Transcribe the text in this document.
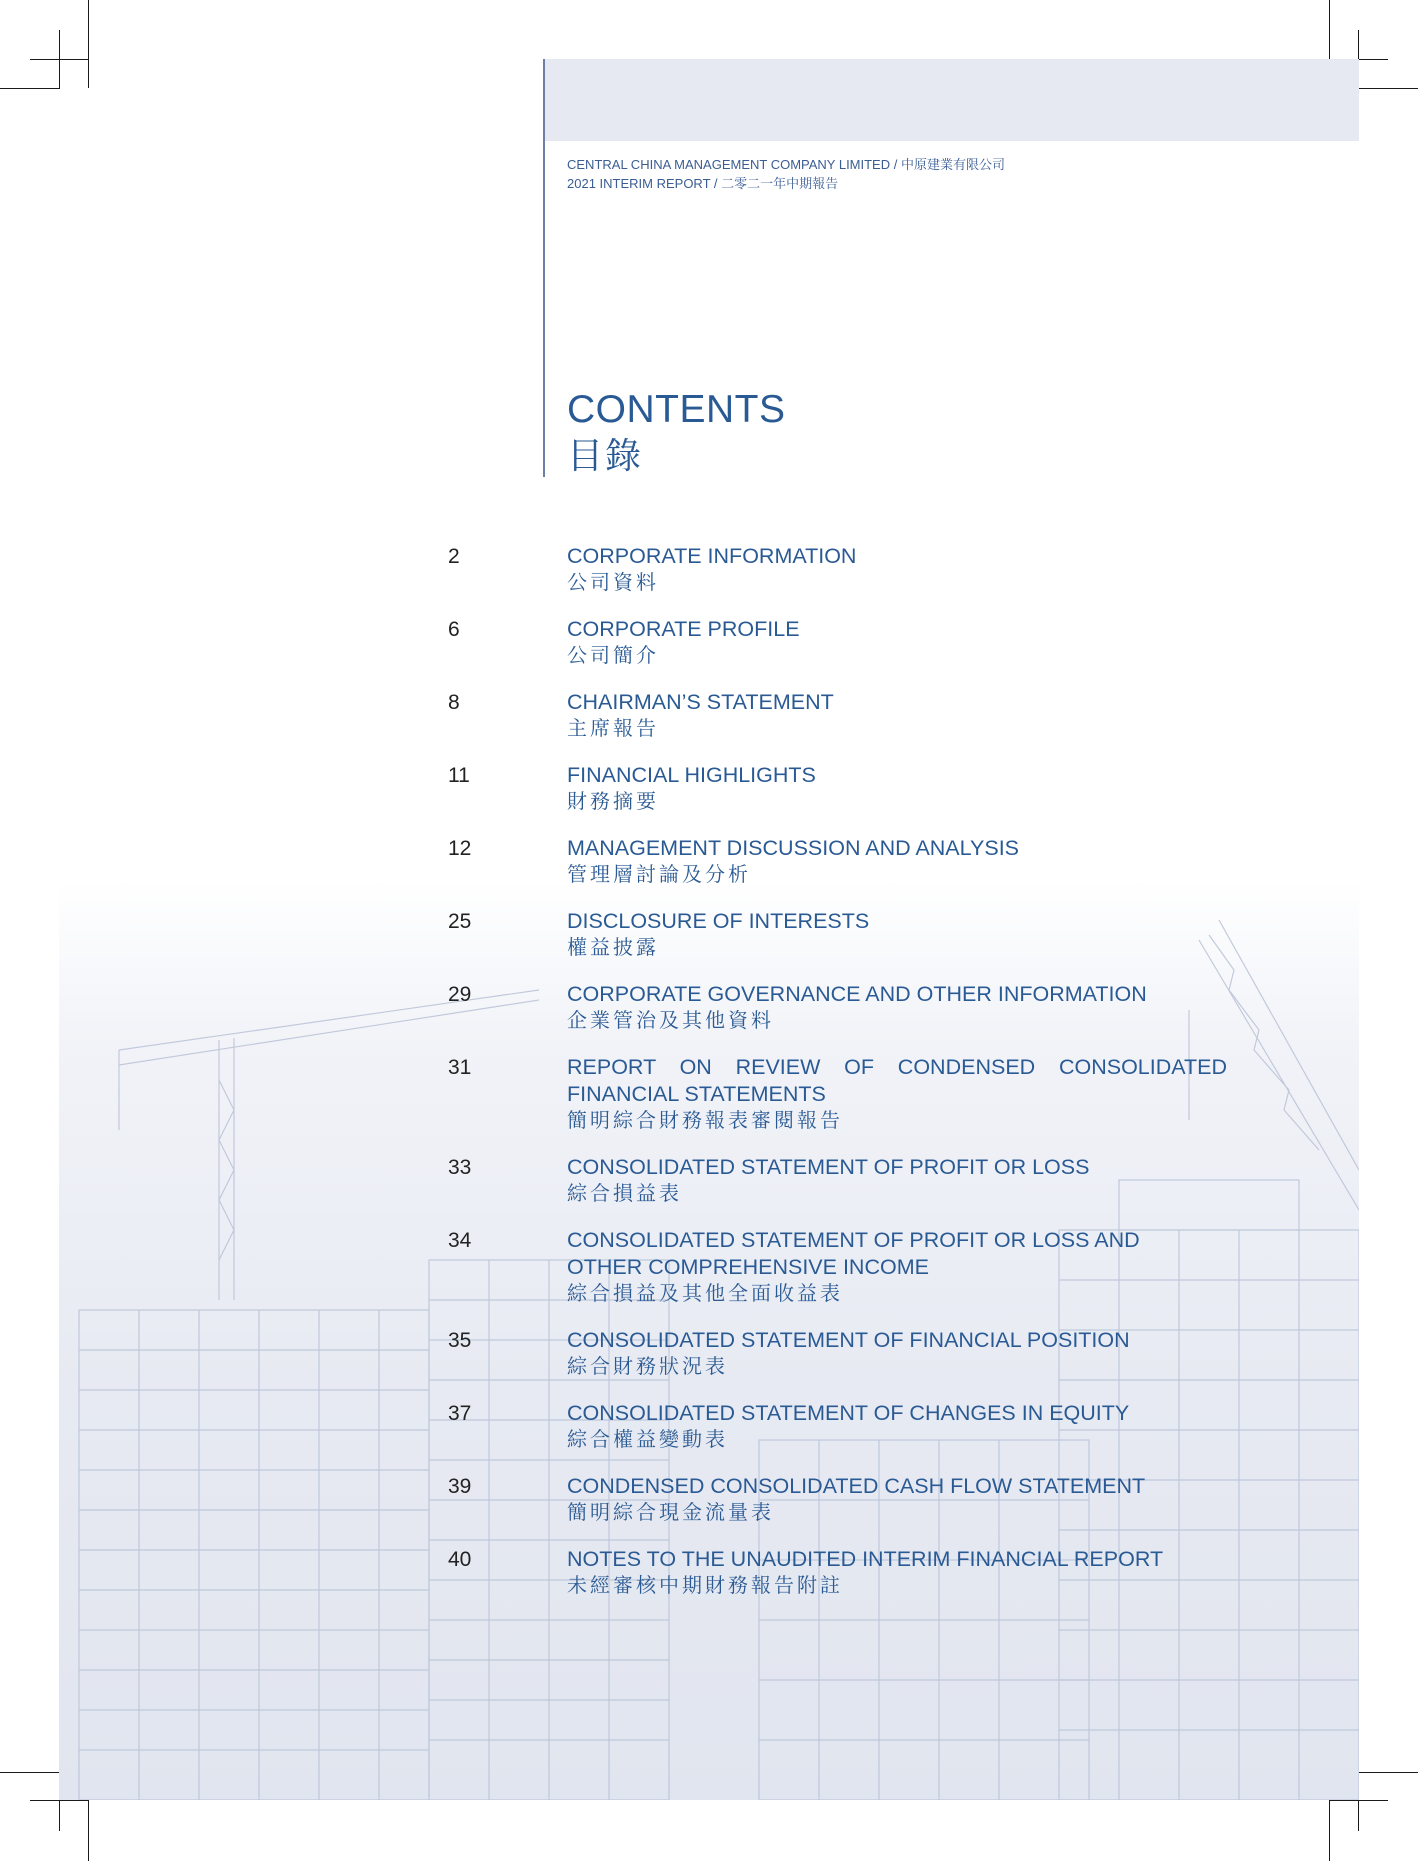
CENTRAL CHINA MANAGEMENT COMPANY LIMITED / 中原建業有限公司
2021 INTERIM REPORT / 二零二一年中期報告
CONTENTS
目錄
2	CORPORATE INFORMATION
公司資料
6	CORPORATE PROFILE
公司簡介
8	CHAIRMAN’S STATEMENT
主席報告
11	FINANCIAL HIGHLIGHTS
財務摘要
12	MANAGEMENT DISCUSSION AND ANALYSIS
管理層討論及分析
25	DISCLOSURE OF INTERESTS
權益披露
29	CORPORATE GOVERNANCE AND OTHER INFORMATION
企業管治及其他資料
31	REPORT ON REVIEW OF CONDENSED CONSOLIDATED FINANCIAL STATEMENTS
簡明綜合財務報表審閱報告
33	CONSOLIDATED STATEMENT OF PROFIT OR LOSS
綜合損益表
34	CONSOLIDATED STATEMENT OF PROFIT OR LOSS AND OTHER COMPREHENSIVE INCOME
綜合損益及其他全面收益表
35	CONSOLIDATED STATEMENT OF FINANCIAL POSITION
綜合財務狀況表
37	CONSOLIDATED STATEMENT OF CHANGES IN EQUITY
綜合權益變動表
39	CONDENSED CONSOLIDATED CASH FLOW STATEMENT
簡明綜合現金流量表
40	NOTES TO THE UNAUDITED INTERIM FINANCIAL REPORT
未經審核中期財務報告附註
